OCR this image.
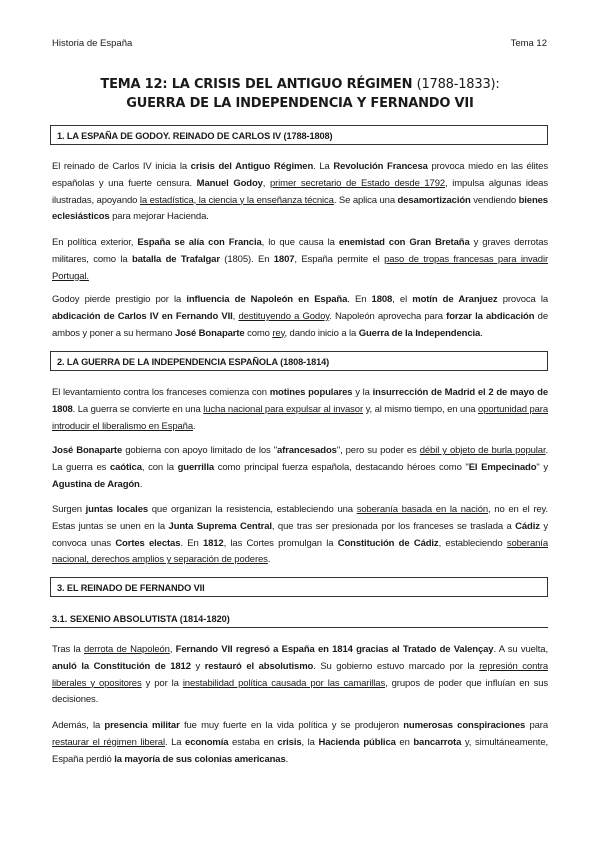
Historia de España	Tema 12
TEMA 12: LA CRISIS DEL ANTIGUO RÉGIMEN (1788-1833):
GUERRA DE LA INDEPENDENCIA Y FERNANDO VII
1. LA ESPAÑA DE GODOY. REINADO DE CARLOS IV (1788-1808)
El reinado de Carlos IV inicia la crisis del Antiguo Régimen. La Revolución Francesa provoca miedo en las élites españolas y una fuerte censura. Manuel Godoy, primer secretario de Estado desde 1792, impulsa algunas ideas ilustradas, apoyando la estadística, la ciencia y la enseñanza técnica. Se aplica una desamortización vendiendo bienes eclesiásticos para mejorar Hacienda.
En política exterior, España se alía con Francia, lo que causa la enemistad con Gran Bretaña y graves derrotas militares, como la batalla de Trafalgar (1805). En 1807, España permite el paso de tropas francesas para invadir Portugal.
Godoy pierde prestigio por la influencia de Napoleón en España. En 1808, el motín de Aranjuez provoca la abdicación de Carlos IV en Fernando VII, destituyendo a Godoy. Napoleón aprovecha para forzar la abdicación de ambos y poner a su hermano José Bonaparte como rey, dando inicio a la Guerra de la Independencia.
2. LA GUERRA DE LA INDEPENDENCIA ESPAÑOLA (1808-1814)
El levantamiento contra los franceses comienza con motines populares y la insurrección de Madrid el 2 de mayo de 1808. La guerra se convierte en una lucha nacional para expulsar al invasor y, al mismo tiempo, en una oportunidad para introducir el liberalismo en España.
José Bonaparte gobierna con apoyo limitado de los "afrancesados", pero su poder es débil y objeto de burla popular. La guerra es caótica, con la guerrilla como principal fuerza española, destacando héroes como "El Empecinado" y Agustina de Aragón.
Surgen juntas locales que organizan la resistencia, estableciendo una soberanía basada en la nación, no en el rey. Estas juntas se unen en la Junta Suprema Central, que tras ser presionada por los franceses se traslada a Cádiz y convoca unas Cortes electas. En 1812, las Cortes promulgan la Constitución de Cádiz, estableciendo soberanía nacional, derechos amplios y separación de poderes.
3. EL REINADO DE FERNANDO VII
3.1. SEXENIO ABSOLUTISTA (1814-1820)
Tras la derrota de Napoleón, Fernando VII regresó a España en 1814 gracias al Tratado de Valençay. A su vuelta, anuló la Constitución de 1812 y restauró el absolutismo. Su gobierno estuvo marcado por la represión contra liberales y opositores y por la inestabilidad política causada por las camarillas, grupos de poder que influían en sus decisiones.
Además, la presencia militar fue muy fuerte en la vida política y se produjeron numerosas conspiraciones para restaurar el régimen liberal. La economía estaba en crisis, la Hacienda pública en bancarrota y, simultáneamente, España perdió la mayoría de sus colonias americanas.
